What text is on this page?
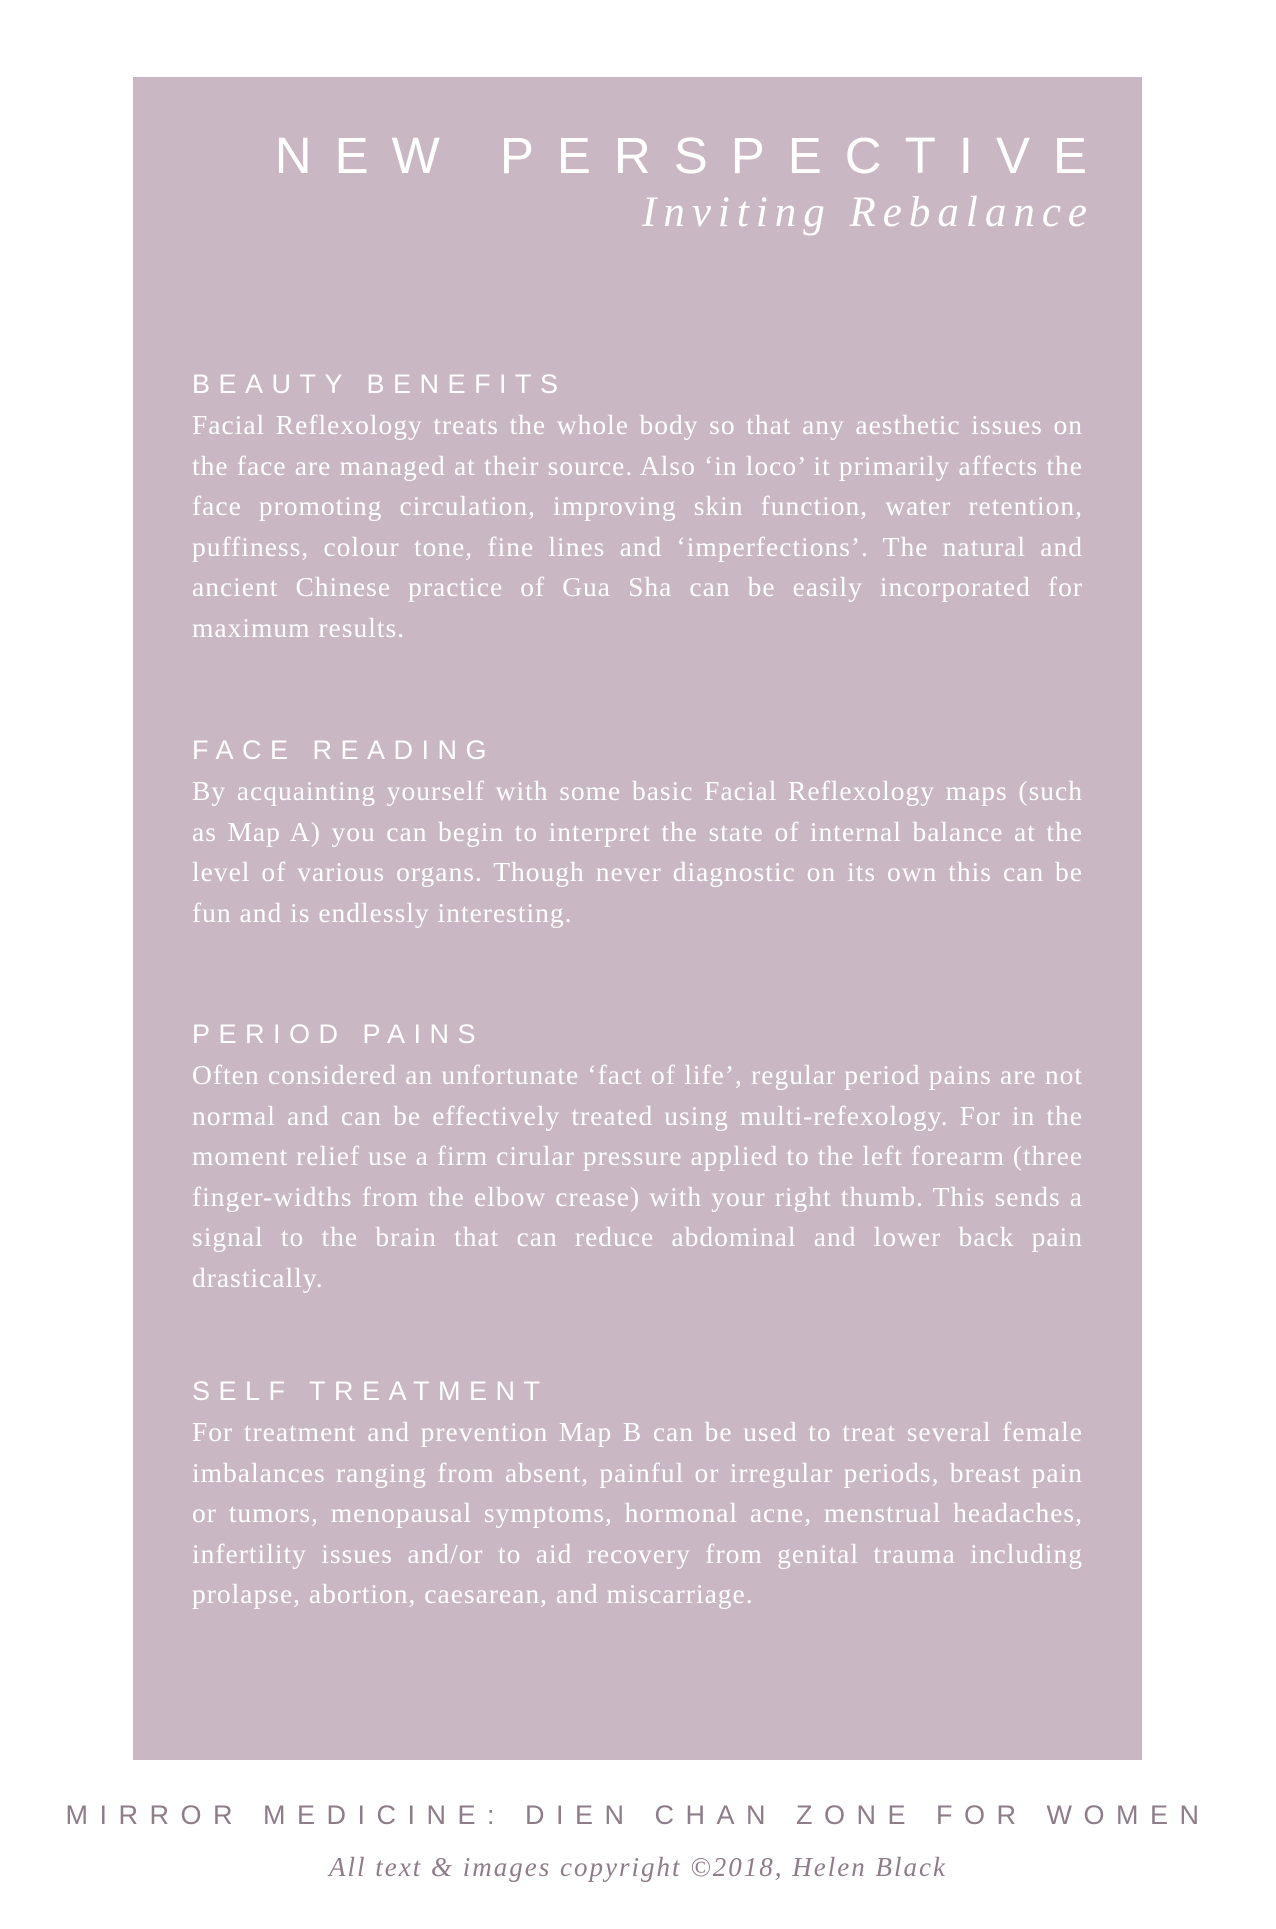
NEW PERSPECTIVE
Inviting Rebalance
BEAUTY BENEFITS

Facial Reflexology treats the whole body so that any aesthetic issues on the face are managed at their source. Also ‘in loco’ it primarily affects the face promoting circulation, improving skin function, water retention, puffiness, colour tone, fine lines and ‘imperfections’. The natural and ancient Chinese practice of Gua Sha can be easily incorporated for maximum results.

FACE READING

By acquainting yourself with some basic Facial Reflexology maps (such as Map A) you can begin to interpret the state of internal balance at the level of various organs. Though never diagnostic on its own this can be fun and is endlessly interesting.

PERIOD PAINS

Often considered an unfortunate ‘fact of life’, regular period pains are not normal and can be effectively treated using multi-refexology. For in the moment relief use a firm cirular pressure applied to the left forearm (three finger-widths from the elbow crease) with your right thumb. This sends a signal to the brain that can reduce abdominal and lower back pain drastically.

SELF TREATMENT

For treatment and prevention Map B can be used to treat several female imbalances ranging from absent, painful or irregular periods, breast pain or tumors, menopausal symptoms, hormonal acne, menstrual headaches, infertility issues and/or to aid recovery from genital trauma including prolapse, abortion, caesarean, and miscarriage.

MIRROR MEDICINE: DIEN CHAN ZONE FOR WOMEN
All text & images copyright ©2018, Helen Black
